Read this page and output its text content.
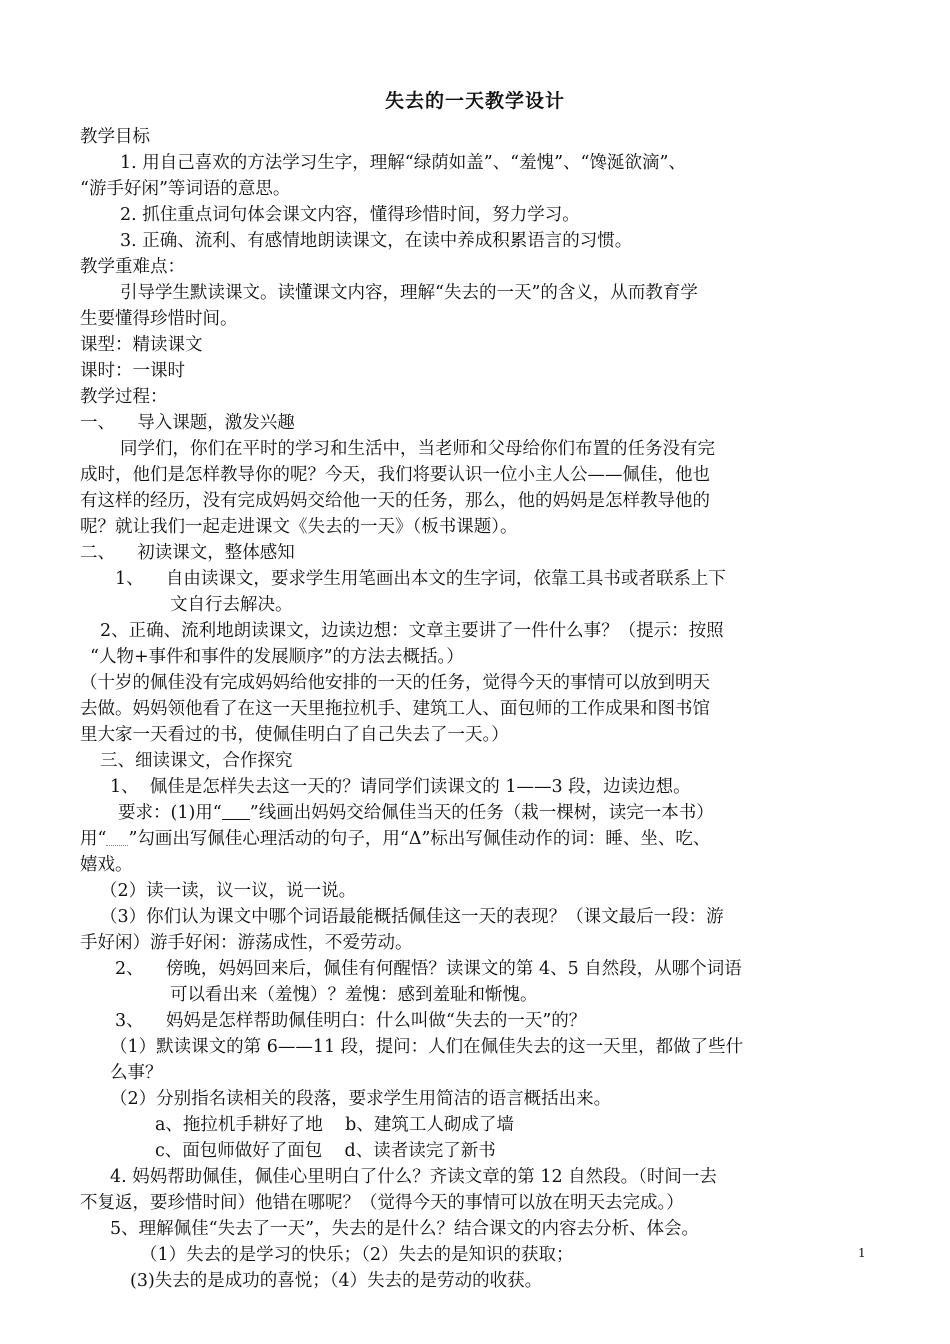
失去的一天教学设计
教学目标
1. 用自己喜欢的方法学习生字，理解“绿荫如盖”、“羞愧”、“馋涎欲滴”、
“游手好闲”等词语的意思。
2. 抓住重点词句体会课文内容，懂得珍惜时间，努力学习。
3. 正确、流利、有感情地朗读课文，在读中养成积累语言的习惯。
教学重难点：
引导学生默读课文。读懂课文内容，理解“失去的一天”的含义，从而教育学
生要懂得珍惜时间。
课型：精读课文
课时：一课时
教学过程：
一、    导入课题，激发兴趣
同学们，你们在平时的学习和生活中，当老师和父母给你们布置的任务没有完
成时，他们是怎样教导你的呢？今天，我们将要认识一位小主人公——佩佳，他也
有这样的经历，没有完成妈妈交给他一天的任务，那么，他的妈妈是怎样教导他的
呢？就让我们一起走进课文《失去的一天》（板书课题）。
二、    初读课文，整体感知
1、    自由读课文，要求学生用笔画出本文的生字词，依靠工具书或者联系上下
文自行去解决。
2、正确、流利地朗读课文，边读边想：文章主要讲了一件什么事？（提示：按照
“人物+事件和事件的发展顺序”的方法去概括。）
（十岁的佩佳没有完成妈妈给他安排的一天的任务，觉得今天的事情可以放到明天
去做。妈妈领他看了在这一天里拖拉机手、建筑工人、面包师的工作成果和图书馆
里大家一天看过的书，使佩佳明白了自己失去了一天。）
三、细读课文，合作探究
1、  佩佳是怎样失去这一天的？请同学们读课文的 1——3 段，边读边想。
要求：(1)用“ ”线画出妈妈交给佩佳当天的任务（栽一棵树，读完一本书）
用“ ”勾画出写佩佳心理活动的句子，用“Δ”标出写佩佳动作的词：睡、坐、吃、
嬉戏。
（2）读一读，议一议，说一说。
（3）你们认为课文中哪个词语最能概括佩佳这一天的表现？（课文最后一段：游
手好闲）游手好闲：游荡成性，不爱劳动。
2、    傍晚，妈妈回来后，佩佳有何醒悟？读课文的第 4、5 自然段，从哪个词语
可以看出来（羞愧）？羞愧：感到羞耻和惭愧。
3、    妈妈是怎样帮助佩佳明白：什么叫做“失去的一天”的？
（1）默读课文的第 6——11 段，提问：人们在佩佳失去的这一天里，都做了些什
么事？
（2）分别指名读相关的段落，要求学生用简洁的语言概括出来。
a、拖拉机手耕好了地    b、建筑工人砌成了墙
c、面包师做好了面包    d、读者读完了新书
4. 妈妈帮助佩佳，佩佳心里明白了什么？齐读文章的第 12 自然段。（时间一去
不复返，要珍惜时间）他错在哪呢？（觉得今天的事情可以放在明天去完成。）
5、理解佩佳“失去了一天”，失去的是什么？结合课文的内容去分析、体会。
（1）失去的是学习的快乐；（2）失去的是知识的获取；
(3)失去的是成功的喜悦；（4）失去的是劳动的收获。
1
